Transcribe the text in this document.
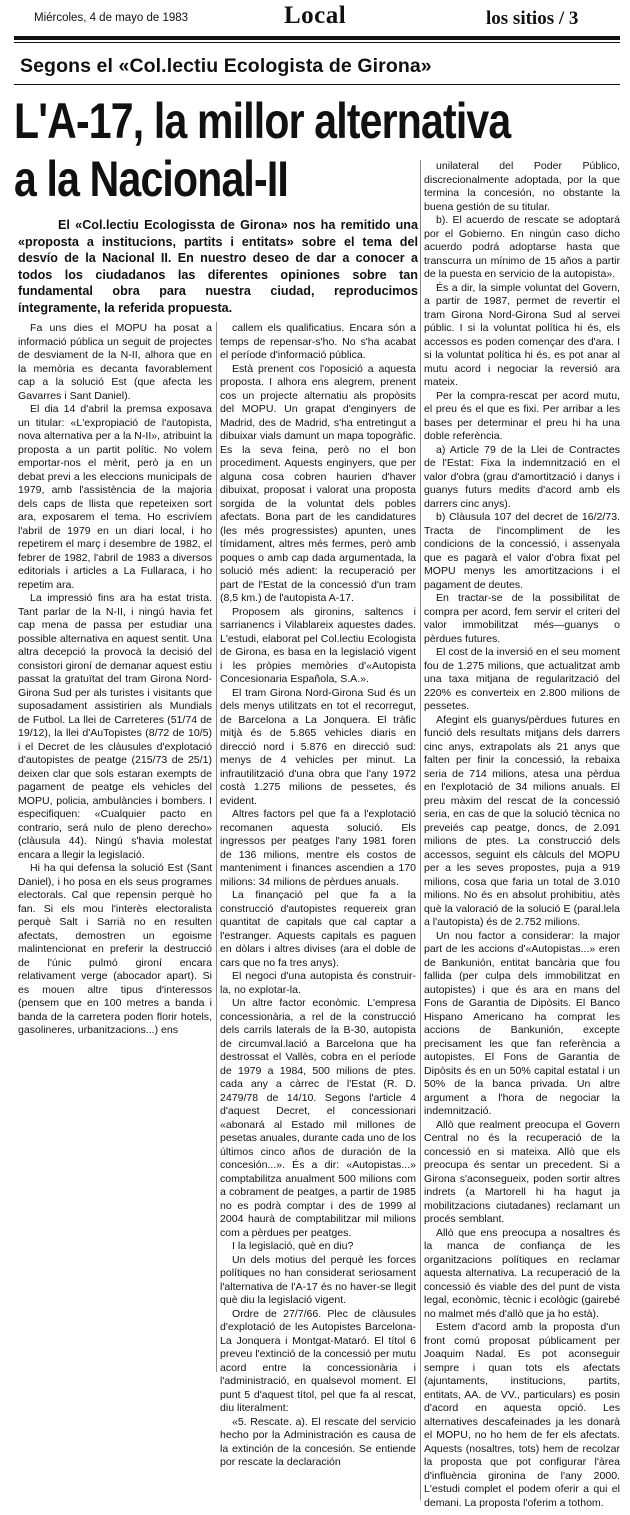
Miércoles, 4 de mayo de 1983	Local	los sitios / 3
Segons el «Col.lectiu Ecologista de Girona»
L'A-17, la millor alternativa
a la Nacional-II

El «Col.lectiu Ecologissta de Girona» nos ha remitido una «proposta a institucions, partits i entitats» sobre el tema del desvío de la Nacional II. En nuestro deseo de dar a conocer a todos los ciudadanos las diferentes opiniones sobre tan fundamental obra para nuestra ciudad, reproducimos íntegramente, la referida propuesta.

Fa uns dies el MOPU ha posat a informació pública un seguit de projectes de desviament de la N-II, alhora que en la memòria es decanta favorablement cap a la solució Est (que afecta les Gavarres i Sant Daniel).

El dia 14 d'abril la premsa exposava un titular: «L'expropiació de l'autopista, nova alternativa per a la N-II», atribuint la proposta a un partit polític. No volem emportar-nos el mèrit, però ja en un debat previ a les eleccions municipals de 1979, amb l'assistència de la majoria dels caps de llista que repeteixen sort ara, exposarem el tema. Ho escrivíem l'abril de 1979 en un diari local, i ho repetirem el març i desembre de 1982, el febrer de 1982, l'abril de 1983 a diversos editorials i articles a La Fullaraca, i ho repetim ara.

La impressió fins ara ha estat trista. Tant parlar de la N-II, i ningú havia fet cap mena de passa per estudiar una possible alternativa en aquest sentit. Una altra decepció la provocà la decisió del consistori gironí de demanar aquest estiu passat la gratuïtat del tram Girona Nord-Girona Sud per als turistes i visitants que suposadament assistirien als Mundials de Futbol. La llei de Carreteres (51/74 de 19/12), la llei d'AuTopistes (8/72 de 10/5) i el Decret de les clàusules d'explotació d'autopistes de peatge (215/73 de 25/1) deixen clar que sols estaran exempts de pagament de peatge els vehicles del MOPU, policia, ambulàncies i bombers. I especifiquen: «Cualquier pacto en contrario, será nulo de pleno derecho» (clàusula 44). Ningú s'havia molestat encara a llegir la legislació.

Hi ha qui defensa la solució Est (Sant Daniel), i ho posa en els seus programes electorals. Cal que repensin perquè ho fan. Si els mou l'interès electoralista perquè Salt i Sarrià no en resulten afectats, demostren un egoisme malintencionat en preferir la destrucció de l'únic pulmó gironí encara relativament verge (abocador apart). Si es mouen altre tipus d'interessos (pensem que en 100 metres a banda i banda de la carretera poden florir hotels, gasolineres, urbanitzacions...) ens

callem els qualificatius. Encara són a temps de repensar-s'ho. No s'ha acabat el període d'informació pública.

Està prenent cos l'oposició a aquesta proposta. I alhora ens alegrem, prenent cos un projecte alternatiu als propòsits del MOPU. Un grapat d'enginyers de Madrid, des de Madrid, s'ha entretingut a dibuixar vials damunt un mapa topogràfic. Es la seva feina, però no el bon procediment. Aquests enginyers, que per alguna cosa cobren haurien d'haver dibuixat, proposat i valorat una proposta sorgida de la voluntat dels pobles afectats. Bona part de les candidatures (les més progressistes) apunten, unes tímidament, altres més fermes, però amb poques o amb cap dada argumentada, la solució més adient: la recuperació per part de l'Estat de la concessió d'un tram (8,5 km.) de l'autopista A-17.

Proposem als gironins, saltencs i sarrianencs i Vilablareix aquestes dades. L'estudi, elaborat pel Col.lectiu Ecologista de Girona, es basa en la legislació vigent i les pròpies memòries d'«Autopista Concesionaria Española, S.A.».

El tram Girona Nord-Girona Sud és un dels menys utilitzats en tot el recorregut, de Barcelona a La Jonquera. El tràfic mitjà és de 5.865 vehicles diaris en direcció nord i 5.876 en direcció sud: menys de 4 vehicles per minut. La infrautilització d'una obra que l'any 1972 costà 1.275 milions de pessetes, és evident.

Altres factors pel que fa a l'explotació recomanen aquesta solució. Els ingressos per peatges l'any 1981 foren de 136 milions, mentre els costos de manteniment i finances ascendien a 170 milions: 34 milions de pèrdues anuals.

La finançació pel que fa a la construcció d'autopistes requereix gran quantitat de capitals que cal captar a l'estranger. Aquests capitals es paguen en dòlars i altres divises (ara el doble de cars que no fa tres anys).

El negoci d'una autopista és construir-la, no explotar-la.

Un altre factor econòmic. L'empresa concessionària, a rel de la construcció dels carrils laterals de la B-30, autopista de circumval.lació a Barcelona que ha destrossat el Vallès, cobra en el període de 1979 a 1984, 500 milions de ptes. cada any a càrrec de l'Estat (R. D. 2479/78 de 14/10. Segons l'article 4 d'aquest Decret, el concessionari «abonará al Estado mil millones de pesetas anuales, durante cada uno de los últimos cinco años de duración de la concesión...». És a dir: «Autopistas...» comptabilitza anualment 500 milions com a cobrament de peatges, a partir de 1985 no es podrà comptar i des de 1999 al 2004 haurà de comptabilitzar mil milions com a pèrdues per peatges.

I la legislació, què en diu?

Un dels motius del perquè les forces polítiques no han considerat seriosament l'alternativa de l'A-17 és no haver-se llegit què diu la legislació vigent.

Ordre de 27/7/66. Plec de clàusules d'explotació de les Autopistes Barcelona-La Jonquera i Montgat-Mataró. El títol 6 preveu l'extinció de la concessió per mutu acord entre la concessionària i l'administració, en qualsevol moment. El punt 5 d'aquest títol, pel que fa al rescat, diu literalment:

«5. Rescate. a). El rescate del servicio hecho por la Administración es causa de la extinción de la concesión. Se entiende por rescate la declaración

unilateral del Poder Público, discrecionalmente adoptada, por la que termina la concesión, no obstante la buena gestión de su titular.

b). El acuerdo de rescate se adoptará por el Gobierno. En ningún caso dicho acuerdo podrá adoptarse hasta que transcurra un mínimo de 15 años a partir de la puesta en servicio de la autopista».

És a dir, la simple voluntat del Govern, a partir de 1987, permet de revertir el tram Girona Nord-Girona Sud al servei públic. I si la voluntat política hi és, els accessos es poden començar des d'ara. I si la voluntat política hi és, es pot anar al mutu acord i negociar la reversió ara mateix.

Per la compra-rescat per acord mutu, el preu és el que es fixi. Per arribar a les bases per determinar el preu hi ha una doble referència.

a) Article 79 de la Llei de Contractes de l'Estat: Fixa la indemnització en el valor d'obra (grau d'amortització i danys i guanys futurs medits d'acord amb els darrers cinc anys).

b) Clàusula 107 del decret de 16/2/73. Tracta de l'incompliment de les condicions de la concessió, i assenyala que es pagarà el valor d'obra fixat pel MOPU menys les amortitzacions i el pagament de deutes.

En tractar-se de la possibilitat de compra per acord, fem servir el criteri del valor immobilitzat més—guanys o pèrdues futures.

El cost de la inversió en el seu moment fou de 1.275 milions, que actualitzat amb una taxa mitjana de regularització del 220% es converteix en 2.800 milions de pessetes.

Afegint els guanys/pèrdues futures en funció dels resultats mitjans dels darrers cinc anys, extrapolats als 21 anys que falten per finir la concessió, la rebaixa seria de 714 milions, atesa una pèrdua en l'explotació de 34 milions anuals. El preu màxim del rescat de la concessió seria, en cas de que la solució tècnica no preveiés cap peatge, doncs, de 2.091 milions de ptes. La construcció dels accessos, seguint els càlculs del MOPU per a les seves propostes, puja a 919 milions, cosa que faria un total de 3.010 milions. No és en absolut prohibitiu, atès què la valoració de la solució E (paral.lela a l'autopista) és de 2.752 milions.

Un nou factor a considerar: la major part de les accions d'«Autopistas...» eren de Bankunión, entitat bancària que fou fallida (per culpa dels immobilitzat en autopistes) i que és ara en mans del Fons de Garantia de Dipòsits. El Banco Hispano Americano ha comprat les accions de Bankunión, excepte precisament les que fan referència a autopistes. El Fons de Garantia de Dipòsits és en un 50% capital estatal i un 50% de la banca privada. Un altre argument a l'hora de negociar la indemnització.

Allò que realment preocupa el Govern Central no és la recuperació de la concessió en si mateixa. Allò que els preocupa és sentar un precedent. Si a Girona s'aconsegueix, poden sortir altres indrets (a Martorell hi ha hagut ja mobilitzacions ciutadanes) reclamant un procés semblant.

Allò que ens preocupa a nosaltres és la manca de confiança de les organitzacions polítiques en reclamar aquesta alternativa. La recuperació de la concessió és viable des del punt de vista legal, econòmic, tècnic i ecològic (gairebé no malmet més d'allò que ja ho està).

Estem d'acord amb la proposta d'un front comú proposat públicament per Joaquim Nadal. Es pot aconseguir sempre i quan tots els afectats (ajuntaments, institucions, partits, entitats, AA. de VV., particulars) es posin d'acord en aquesta opció. Les alternatives descafeinades ja les donarà el MOPU, no ho hem de fer els afectats. Aquests (nosaltres, tots) hem de recolzar la proposta que pot configurar l'àrea d'influència gironina de l'any 2000. L'estudi complet el podem oferir a qui el demani. La proposta l'oferim a tothom.
